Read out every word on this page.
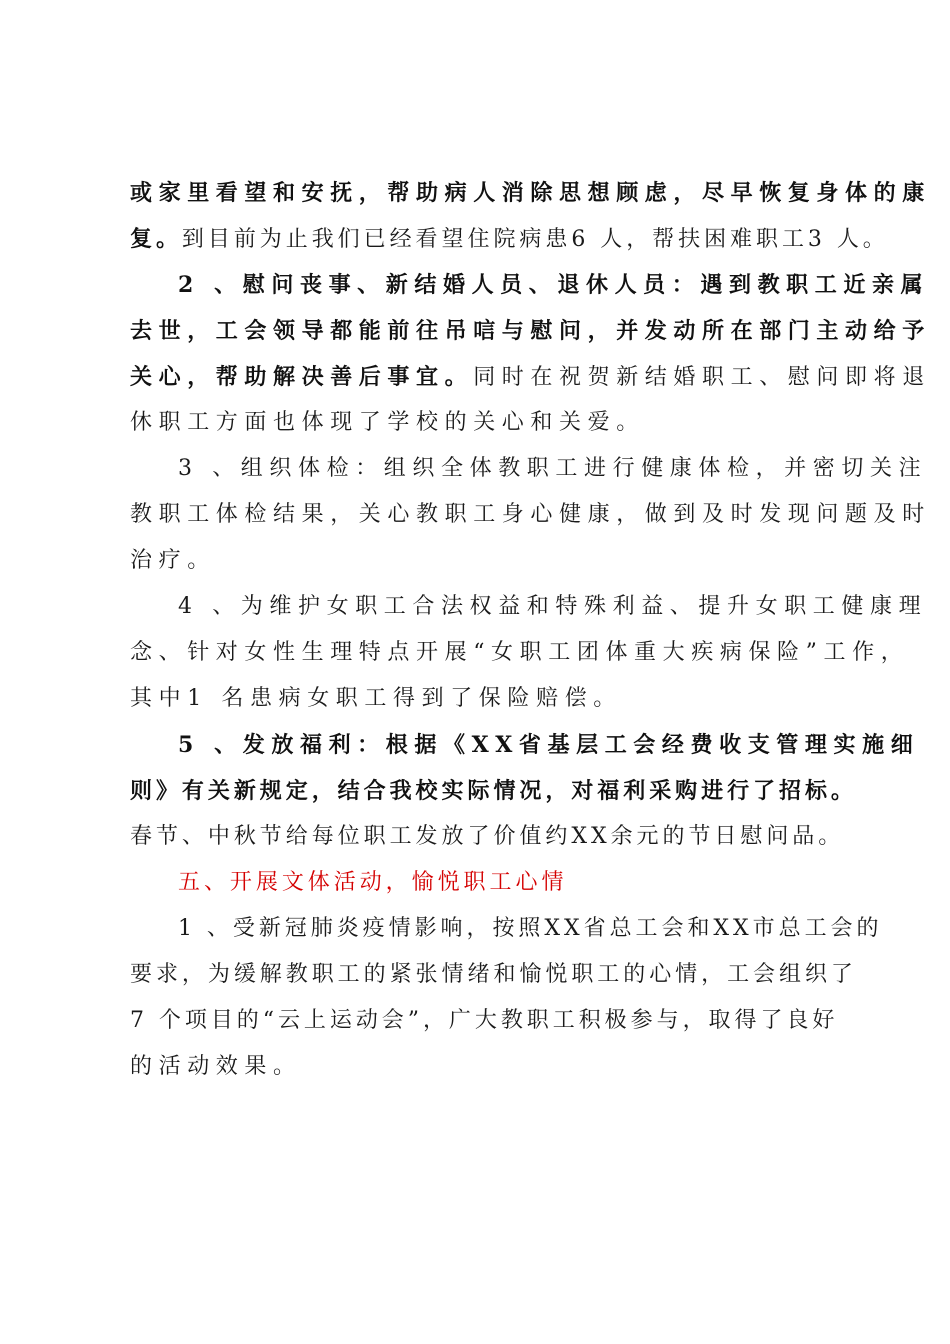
或家里看望和安抚，帮助病人消除思想顾虑，尽早恢复身体的康
复。到目前为止我们已经看望住院病患6 人，帮扶困难职工3 人。
2 、慰问丧事、新结婚人员、退休人员：遇到教职工近亲属
去世，工会领导都能前往吊唁与慰问，并发动所在部门主动给予
关心，帮助解决善后事宜。同时在祝贺新结婚职工、慰问即将退
休职工方面也体现了学校的关心和关爱。
3 、组织体检：组织全体教职工进行健康体检，并密切关注
教职工体检结果，关心教职工身心健康，做到及时发现问题及时
治疗。
4 、为维护女职工合法权益和特殊利益、提升女职工健康理
念、针对女性生理特点开展“女职工团体重大疾病保险”工作，
其中1 名患病女职工得到了保险赔偿。
5 、发放福利：根据《XX省基层工会经费收支管理实施细
则》有关新规定，结合我校实际情况，对福利采购进行了招标。
春节、中秋节给每位职工发放了价值约XX余元的节日慰问品。
五、开展文体活动，愉悦职工心情
1 、受新冠肺炎疫情影响，按照XX省总工会和XX市总工会的
要求，为缓解教职工的紧张情绪和愉悦职工的心情，工会组织了
7 个项目的“云上运动会”，广大教职工积极参与，取得了良好
的活动效果。
